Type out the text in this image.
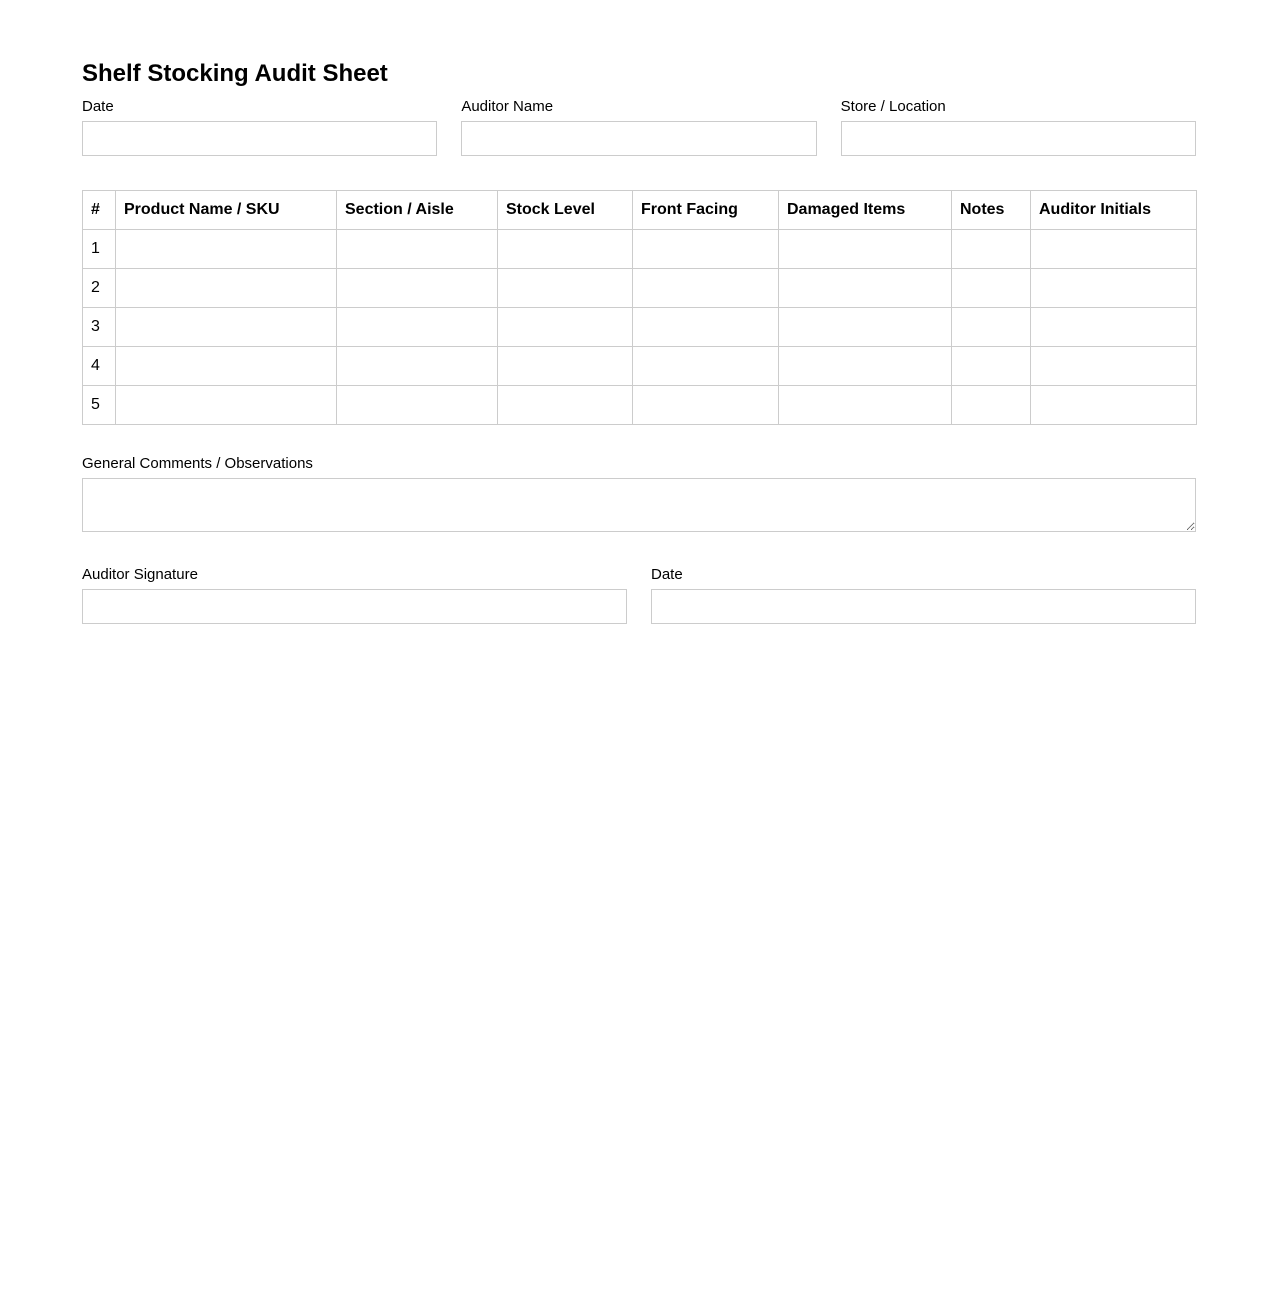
Shelf Stocking Audit Sheet
Date	Auditor Name	Store / Location
#	Product Name / SKU	Section / Aisle	Stock Level	Front Facing	Damaged Items	Notes	Auditor Initials
1							
2							
3							
4							
5							
General Comments / Observations
Auditor Signature	Date
